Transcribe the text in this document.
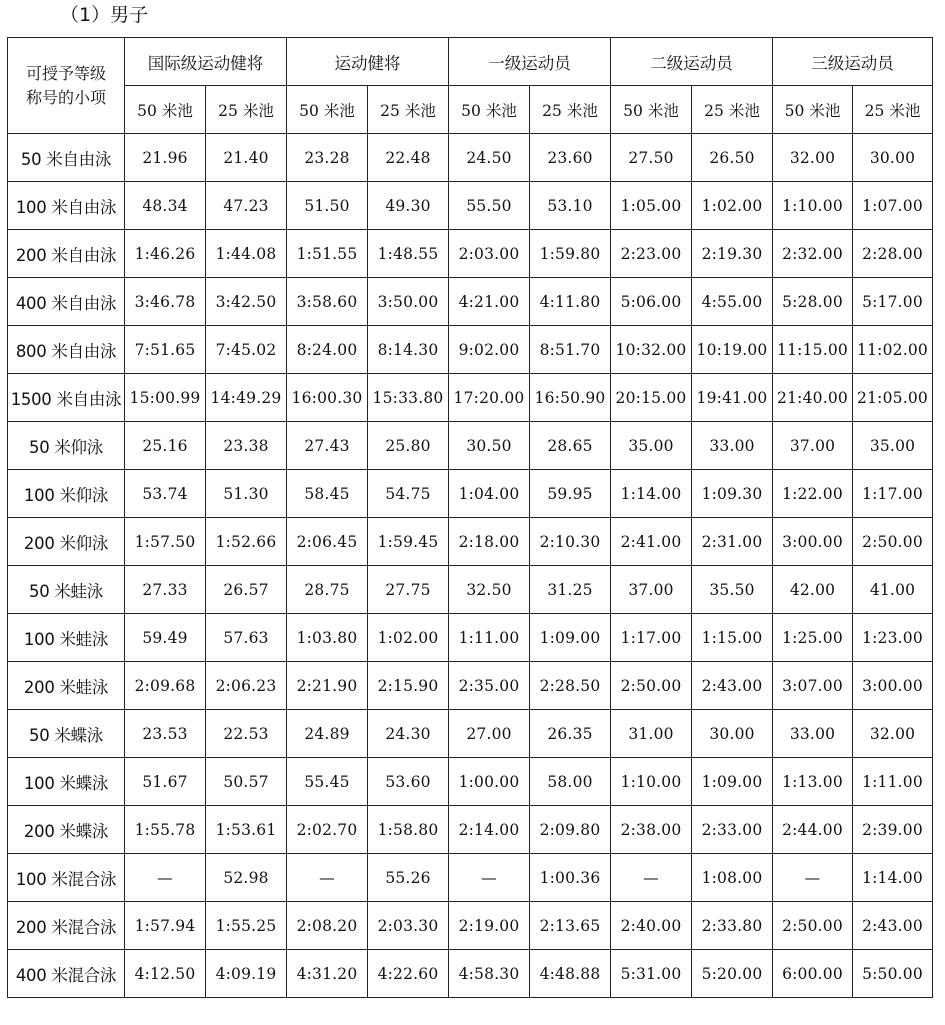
（1）男子
可授予等级
称号的小项	国际级运动健将		运动健将		一级运动员		二级运动员		三级运动员	
	50 米池	25 米池	50 米池	25 米池	50 米池	25 米池	50 米池	25 米池	50 米池	25 米池
50 米自由泳	21.96	21.40	23.28	22.48	24.50	23.60	27.50	26.50	32.00	30.00
100 米自由泳	48.34	47.23	51.50	49.30	55.50	53.10	1:05.00	1:02.00	1:10.00	1:07.00
200 米自由泳	1:46.26	1:44.08	1:51.55	1:48.55	2:03.00	1:59.80	2:23.00	2:19.30	2:32.00	2:28.00
400 米自由泳	3:46.78	3:42.50	3:58.60	3:50.00	4:21.00	4:11.80	5:06.00	4:55.00	5:28.00	5:17.00
800 米自由泳	7:51.65	7:45.02	8:24.00	8:14.30	9:02.00	8:51.70	10:32.00	10:19.00	11:15.00	11:02.00
1500 米自由泳	15:00.99	14:49.29	16:00.30	15:33.80	17:20.00	16:50.90	20:15.00	19:41.00	21:40.00	21:05.00
50 米仰泳	25.16	23.38	27.43	25.80	30.50	28.65	35.00	33.00	37.00	35.00
100 米仰泳	53.74	51.30	58.45	54.75	1:04.00	59.95	1:14.00	1:09.30	1:22.00	1:17.00
200 米仰泳	1:57.50	1:52.66	2:06.45	1:59.45	2:18.00	2:10.30	2:41.00	2:31.00	3:00.00	2:50.00
50 米蛙泳	27.33	26.57	28.75	27.75	32.50	31.25	37.00	35.50	42.00	41.00
100 米蛙泳	59.49	57.63	1:03.80	1:02.00	1:11.00	1:09.00	1:17.00	1:15.00	1:25.00	1:23.00
200 米蛙泳	2:09.68	2:06.23	2:21.90	2:15.90	2:35.00	2:28.50	2:50.00	2:43.00	3:07.00	3:00.00
50 米蝶泳	23.53	22.53	24.89	24.30	27.00	26.35	31.00	30.00	33.00	32.00
100 米蝶泳	51.67	50.57	55.45	53.60	1:00.00	58.00	1:10.00	1:09.00	1:13.00	1:11.00
200 米蝶泳	1:55.78	1:53.61	2:02.70	1:58.80	2:14.00	2:09.80	2:38.00	2:33.00	2:44.00	2:39.00
100 米混合泳	—	52.98	—	55.26	—	1:00.36	—	1:08.00	—	1:14.00
200 米混合泳	1:57.94	1:55.25	2:08.20	2:03.30	2:19.00	2:13.65	2:40.00	2:33.80	2:50.00	2:43.00
400 米混合泳	4:12.50	4:09.19	4:31.20	4:22.60	4:58.30	4:48.88	5:31.00	5:20.00	6:00.00	5:50.00
